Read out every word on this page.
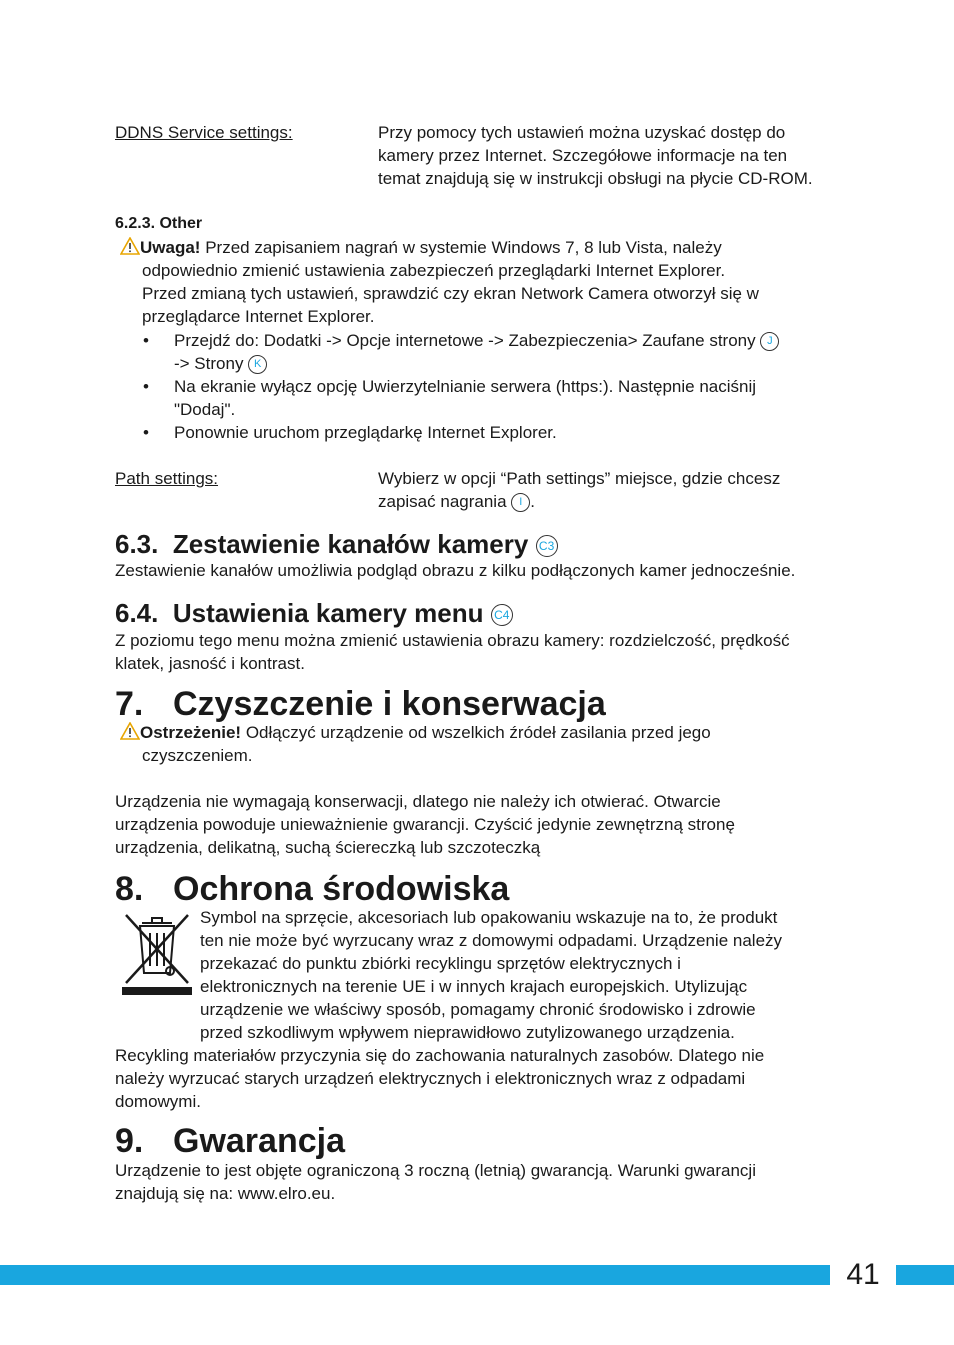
DDNS Service settings:	Przy pomocy tych ustawień można uzyskać dostęp do
kamery przez Internet. Szczegółowe informacje na ten
temat znajdują się w instrukcji obsługi na płycie CD-ROM.
6.2.3. Other
Uwaga! Przed zapisaniem nagrań w systemie Windows 7, 8 lub Vista, należy
odpowiednio zmienić ustawienia zabezpieczeń przeglądarki Internet Explorer.
Przed zmianą tych ustawień, sprawdzić czy ekran Network Camera otworzył się w
przeglądarce Internet Explorer.
• Przejdź do: Dodatki -> Opcje internetowe -> Zabezpieczenia> Zaufane strony J
-> Strony K
• Na ekranie wyłącz opcję Uwierzytelnianie serwera (https:). Następnie naciśnij
"Dodaj".
• Ponownie uruchom przeglądarkę Internet Explorer.
Path settings:	Wybierz w opcji “Path settings” miejsce, gdzie chcesz
zapisać nagrania I .
6.3. Zestawienie kanałów kamery C3
Zestawienie kanałów umożliwia podgląd obrazu z kilku podłączonych kamer jednocześnie.
6.4. Ustawienia kamery menu C4
Z poziomu tego menu można zmienić ustawienia obrazu kamery: rozdzielczość, prędkość
klatek, jasność i kontrast.
7. Czyszczenie i konserwacja
Ostrzeżenie! Odłączyć urządzenie od wszelkich źródeł zasilania przed jego
czyszczeniem.
Urządzenia nie wymagają konserwacji, dlatego nie należy ich otwierać. Otwarcie
urządzenia powoduje unieważnienie gwarancji. Czyścić jedynie zewnętrzną stronę
urządzenia, delikatną, suchą ściereczką lub szczoteczką
8. Ochrona środowiska
Symbol na sprzęcie, akcesoriach lub opakowaniu wskazuje na to, że produkt
ten nie może być wyrzucany wraz z domowymi odpadami. Urządzenie należy
przekazać do punktu zbiórki recyklingu sprzętów elektrycznych i
elektronicznych na terenie UE i w innych krajach europejskich. Utylizując
urządzenie we właściwy sposób, pomagamy chronić środowisko i zdrowie
przed szkodliwym wpływem nieprawidłowo zutylizowanego urządzenia.
Recykling materiałów przyczynia się do zachowania naturalnych zasobów. Dlatego nie
należy wyrzucać starych urządzeń elektrycznych i elektronicznych wraz z odpadami
domowymi.
9. Gwarancja
Urządzenie to jest objęte ograniczoną 3 roczną (letnią) gwarancją. Warunki gwarancji
znajdują się na: www.elro.eu.
41
